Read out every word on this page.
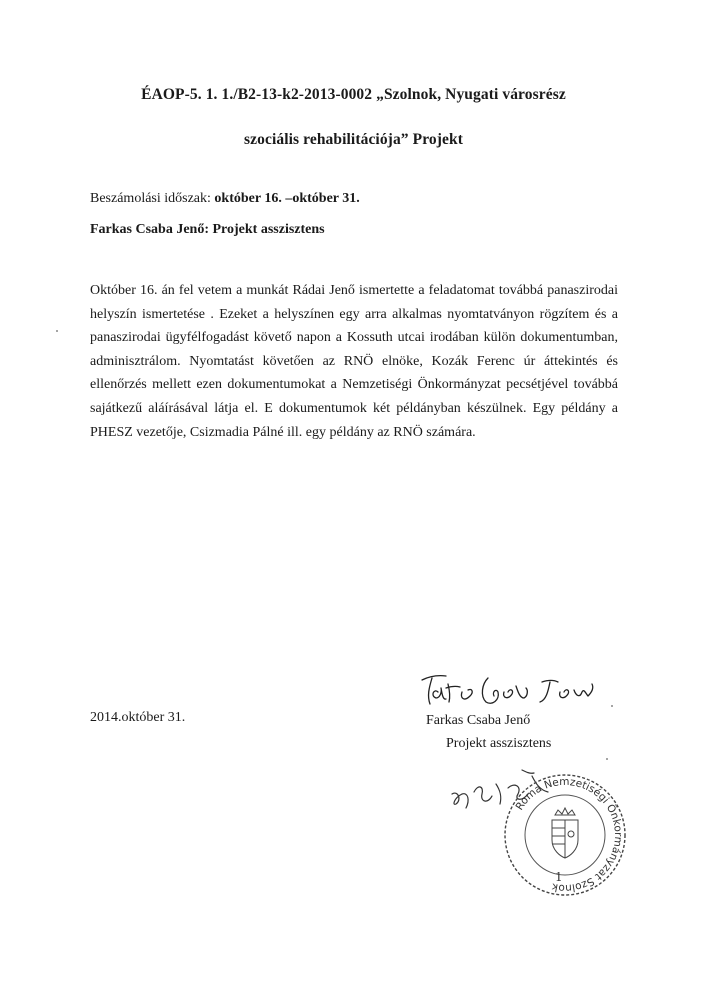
ÉAOP-5. 1. 1./B2-13-k2-2013-0002 „Szolnok, Nyugati városrész
szociális rehabilitációja” Projekt
Beszámolási időszak: október 16. –október 31.
Farkas Csaba Jenő: Projekt asszisztens
Október 16. án fel vetem a munkát Rádai Jenő ismertette a feladatomat továbbá panaszirodai helyszín ismertetése . Ezeket a helyszínen egy arra alkalmas nyomtatványon rögzítem és a panaszirodai ügyfélfogadást követő napon a Kossuth utcai irodában külön dokumentumban, adminisztrálom. Nyomtatást követően az RNÖ elnöke, Kozák Ferenc úr áttekintés és ellenőrzés mellett ezen dokumentumokat a Nemzetiségi Önkormányzat pecsétjével továbbá sajátkezű aláírásával látja el. E dokumentumok két példányban készülnek. Egy példány a PHESZ vezetője, Csizmadia Pálné ill. egy példány az RNÖ számára.
2014.október 31.	Farkas Csaba Jenő
Projekt asszisztens
Roma Nemzetiségi Önkormányzat Szolnok
1
